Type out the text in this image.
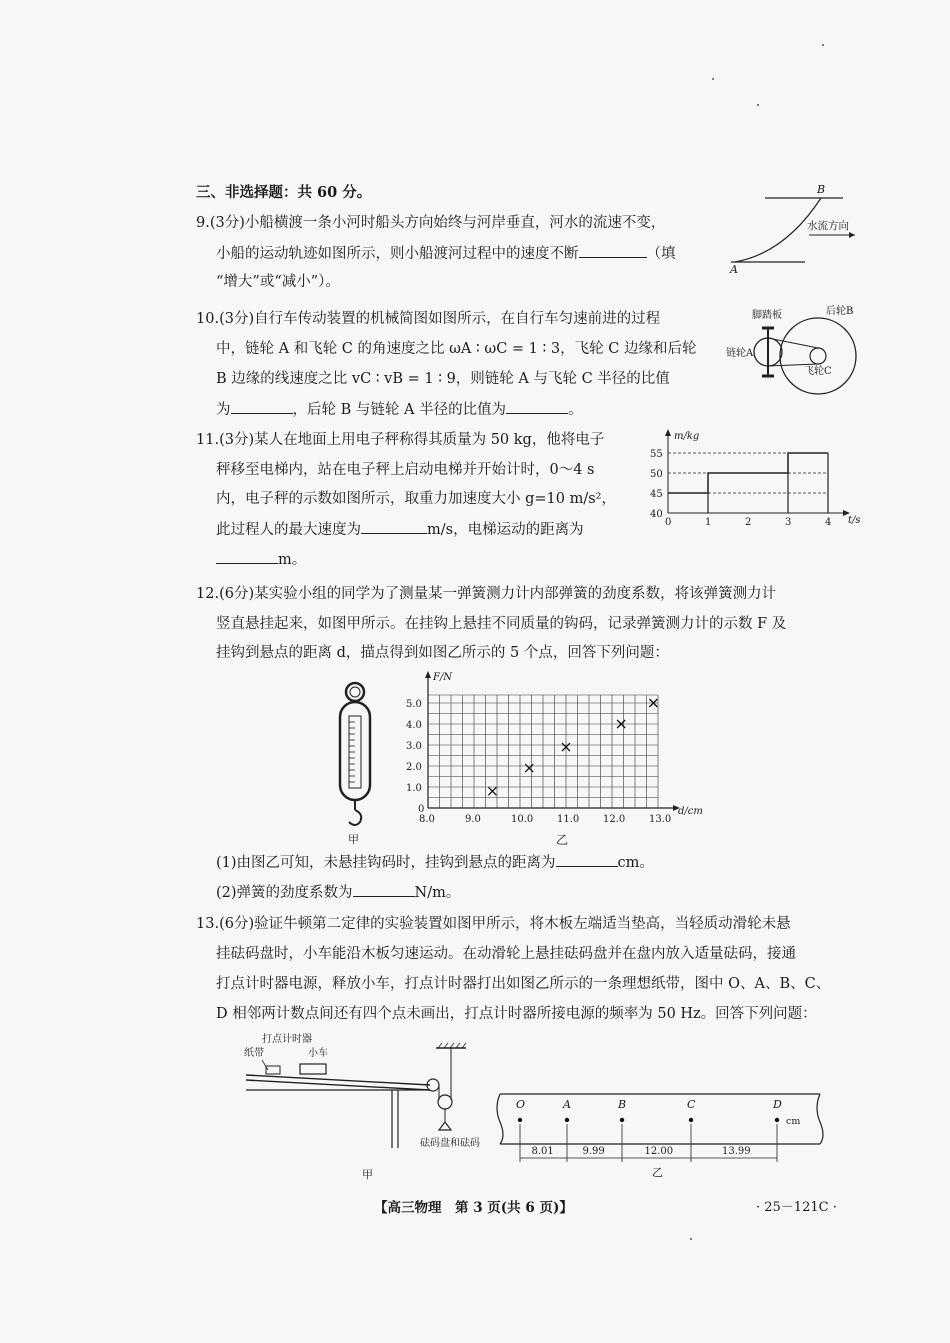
三、非选择题：共 60 分。
9.(3分)小船横渡一条小河时船头方向始终与河岸垂直，河水的流速不变，
小船的运动轨迹如图所示，则小船渡河过程中的速度不断	（填
“增大”或“减小”）。
A
B
水流方向
10.(3分)自行车传动装置的机械简图如图所示，在自行车匀速前进的过程
中，链轮 A 和飞轮 C 的角速度之比 ωA ∶ ωC = 1 ∶ 3，飞轮 C 边缘和后轮
B 边缘的线速度之比 vC ∶ vB = 1 ∶ 9，则链轮 A 与飞轮 C 半径的比值
为	，后轮 B 与链轮 A 半径的比值为	。
脚踏板	后轮B
链轮A
飞轮C
11.(3分)某人在地面上用电子秤称得其质量为 50 kg，他将电子
秤移至电梯内，站在电子秤上启动电梯并开始计时，0～4 s
内，电子秤的示数如图所示，取重力加速度大小 g=10 m/s²，
此过程人的最大速度为	m/s，电梯运动的距离为
m。
m/kg
t/s
0	1	2	3	4
40
45
50
55
12.(6分)某实验小组的同学为了测量某一弹簧测力计内部弹簧的劲度系数，将该弹簧测力计
竖直悬挂起来，如图甲所示。在挂钩上悬挂不同质量的钩码，记录弹簧测力计的示数 F 及
挂钩到悬点的距离 d，描点得到如图乙所示的 5 个点，回答下列问题：
甲
F/N
d/cm
8.0	9.0	10.0 11.0 12.0 13.0
0
1.0
2.0
3.0
4.0
5.0
乙
(1)由图乙可知，未悬挂钩码时，挂钩到悬点的距离为	cm。
(2)弹簧的劲度系数为	N/m。
13.(6分)验证牛顿第二定律的实验装置如图甲所示，将木板左端适当垫高，当轻质动滑轮未悬
挂砝码盘时，小车能沿木板匀速运动。在动滑轮上悬挂砝码盘并在盘内放入适量砝码，接通
打点计时器电源，释放小车，打点计时器打出如图乙所示的一条理想纸带，图中 O、A、B、C、
D 相邻两计数点间还有四个点未画出，打点计时器所接电源的频率为 50 Hz。回答下列问题：
打点计时器
纸带	小车
砝码盘和砝码
甲
O	A	B	C	D
cm
8.01	9.99	12.00	13.99
乙
【高三物理　第 3 页(共 6 页)】	· 25－121C ·
